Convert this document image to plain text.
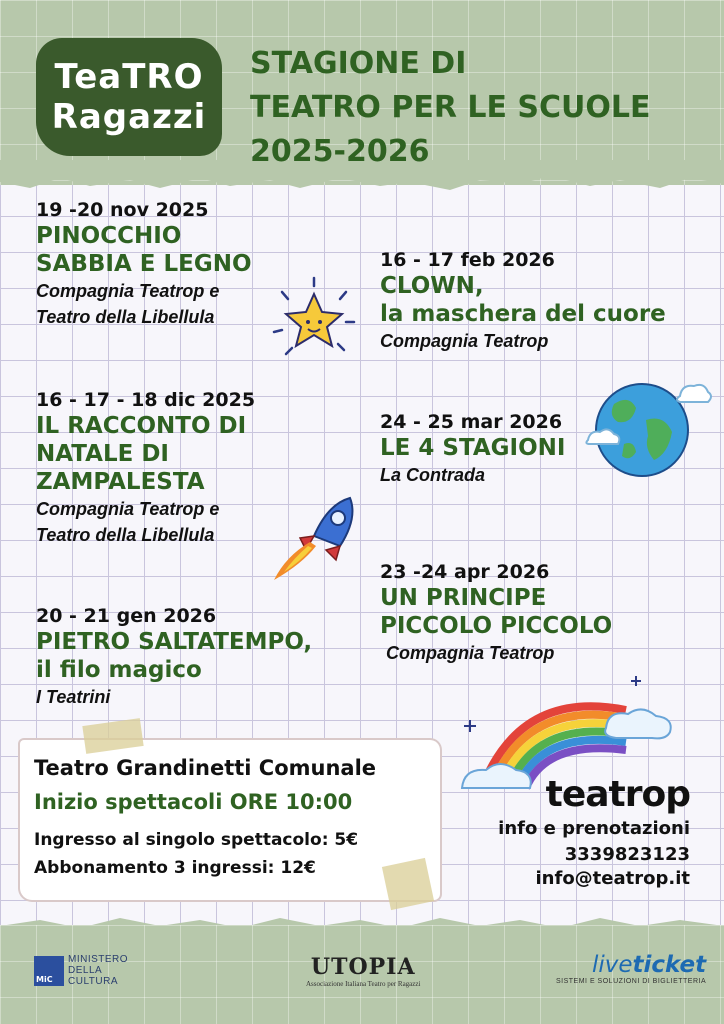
TeaTRO
Ragazzi
STAGIONE DI
TEATRO PER LE SCUOLE
2025-2026
19 -20 nov 2025
PINOCCHIO
SABBIA E LEGNO
Compagnia Teatrop e
Teatro della Libellula
16 - 17 feb 2026
CLOWN,
la maschera del cuore
Compagnia Teatrop
16 - 17 - 18 dic 2025
IL RACCONTO DI
NATALE DI
ZAMPALESTA
Compagnia Teatrop e
Teatro della Libellula
24 - 25 mar 2026
LE 4 STAGIONI
La Contrada
23 -24 apr 2026
UN PRINCIPE
PICCOLO PICCOLO
Compagnia Teatrop
20 - 21 gen 2026
PIETRO SALTATEMPO,
il filo magico
I Teatrini
Teatro Grandinetti Comunale
Inizio spettacoli ORE 10:00
Ingresso al singolo spettacolo: 5€
Abbonamento 3 ingressi: 12€
teatrop
info e prenotazioni
3339823123
info@teatrop.it
MiC
MINISTERO
DELLA
CULTURA
UTOPIA
Associazione Italiana Teatro per Ragazzi
liveticket
SISTEMI E SOLUZIONI DI BIGLIETTERIA
